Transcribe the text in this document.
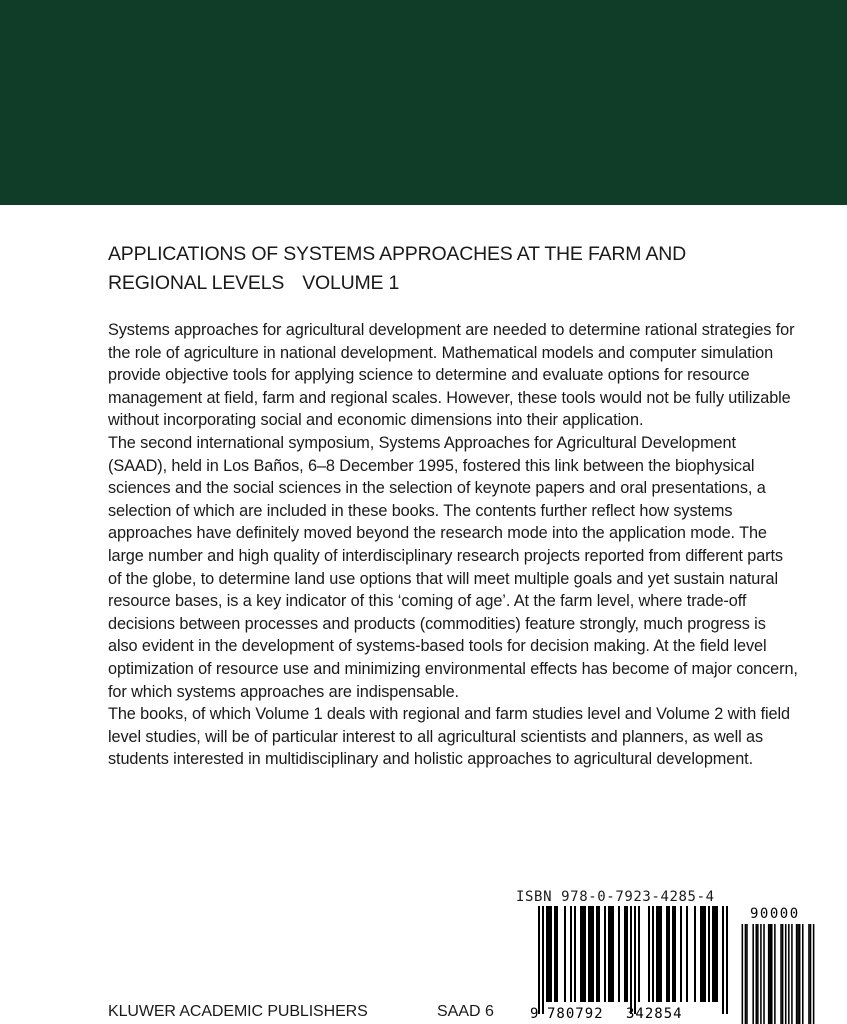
APPLICATIONS OF SYSTEMS APPROACHES AT THE FARM AND
REGIONAL LEVELS VOLUME 1

Systems approaches for agricultural development are needed to determine rational strategies for the role of agriculture in national development. Mathematical models and computer simulation provide objective tools for applying science to determine and evaluate options for resource management at field, farm and regional scales. However, these tools would not be fully utilizable without incorporating social and economic dimensions into their application.

The second international symposium, Systems Approaches for Agricultural Development (SAAD), held in Los Baños, 6–8 December 1995, fostered this link between the biophysical sciences and the social sciences in the selection of keynote papers and oral presentations, a selection of which are included in these books. The contents further reflect how systems approaches have definitely moved beyond the research mode into the application mode. The large number and high quality of interdisciplinary research projects reported from different parts of the globe, to determine land use options that will meet multiple goals and yet sustain natural resource bases, is a key indicator of this ‘coming of age’. At the farm level, where trade-off decisions between processes and products (commodities) feature strongly, much progress is also evident in the development of systems-based tools for decision making. At the field level optimization of resource use and minimizing environmental effects has become of major concern, for which systems approaches are indispensable.

The books, of which Volume 1 deals with regional and farm studies level and Volume 2 with field level studies, will be of particular interest to all agricultural scientists and planners, as well as students interested in multidisciplinary and holistic approaches to agricultural development.

ISBN 978-0-7923-4285-4
9 780792 342854
90000
KLUWER ACADEMIC PUBLISHERS	SAAD 6
